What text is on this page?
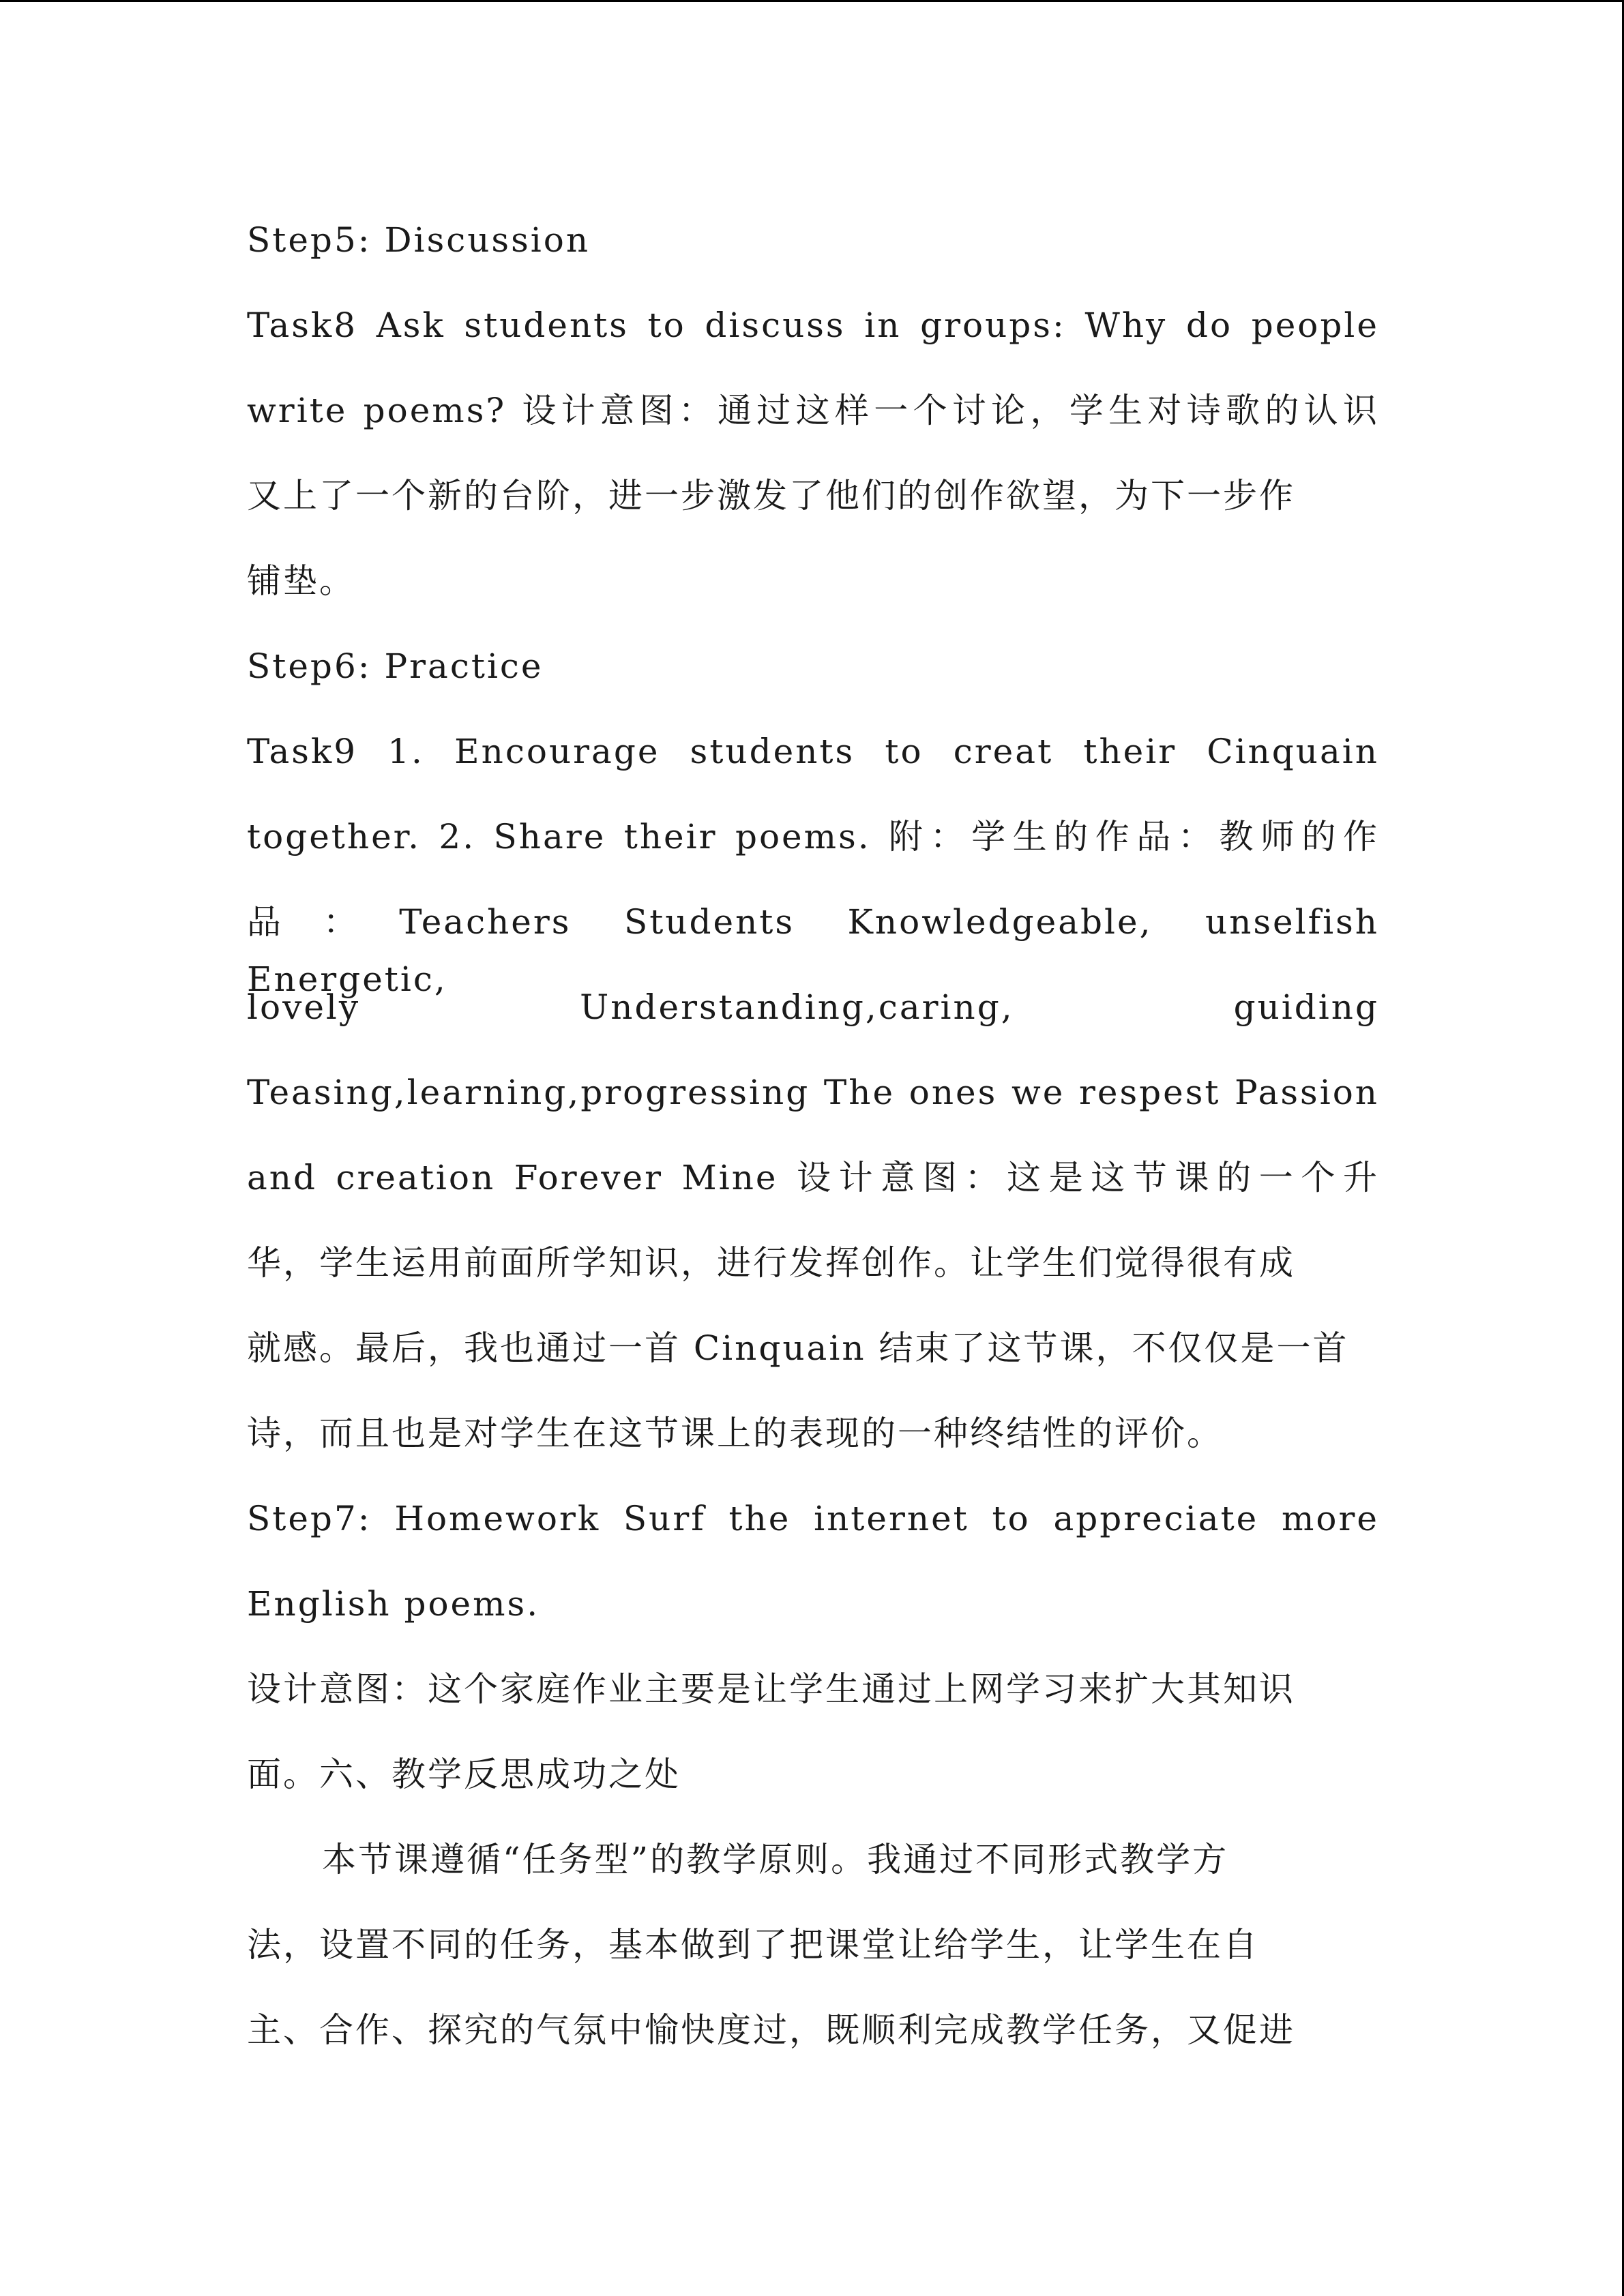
Step5: Discussion
Task8 Ask students to discuss in groups: Why do people
write poems? 设计意图：通过这样一个讨论，学生对诗歌的认识
又上了一个新的台阶，进一步激发了他们的创作欲望，为下一步作
铺垫。
Step6: Practice
Task9 1. Encourage students to creat their Cinquain
together. 2. Share their poems. 附：学生的作品：教师的作
品：Teachers Students Knowledgeable, unselfish Energetic,
lovely Understanding,caring, guiding
Teasing,learning,progressing The ones we respest Passion
and creation Forever Mine 设计意图：这是这节课的一个升
华，学生运用前面所学知识，进行发挥创作。让学生们觉得很有成
就感。最后，我也通过一首 Cinquain 结束了这节课，不仅仅是一首
诗，而且也是对学生在这节课上的表现的一种终结性的评价。
Step7: Homework Surf the internet to appreciate more
English poems.
设计意图：这个家庭作业主要是让学生通过上网学习来扩大其知识
面。六、教学反思成功之处
本节课遵循“任务型”的教学原则。我通过不同形式教学方
法，设置不同的任务，基本做到了把课堂让给学生，让学生在自
主、合作、探究的气氛中愉快度过，既顺利完成教学任务，又促进
